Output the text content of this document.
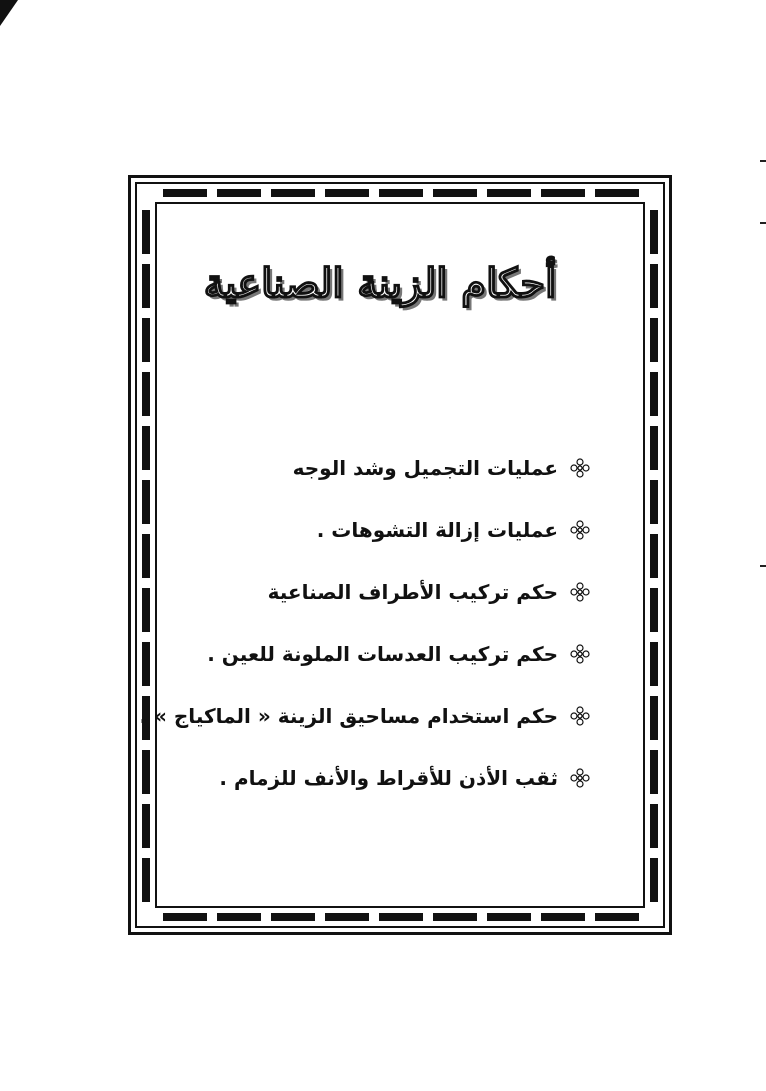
أحكام الزينة الصناعية
عمليات التجميل وشد الوجه
عمليات إزالة التشوهات .
حكم تركيب الأطراف الصناعية
حكم تركيب العدسات الملونة للعين .
حكم استخدام مساحيق الزينة « الماكياج » .
ثقب الأذن للأقراط والأنف للزمام .
